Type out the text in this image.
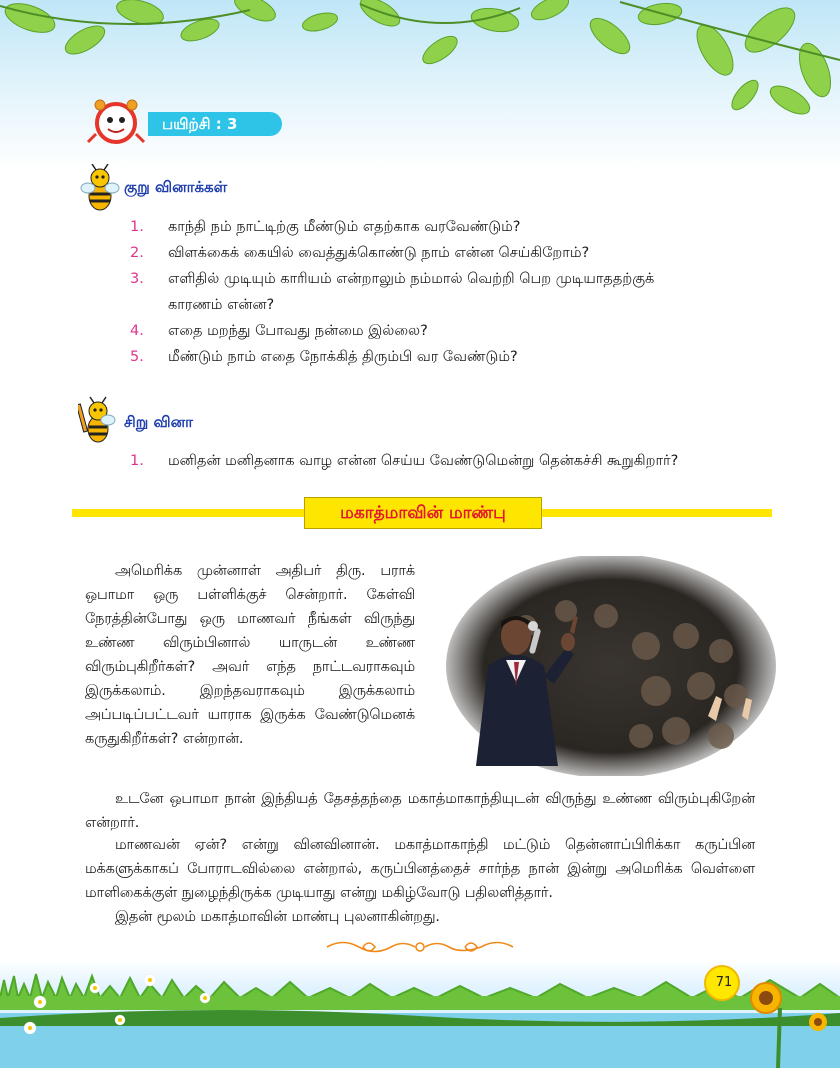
பயிற்சி : 3
குறு வினாக்கள்
1.	காந்தி நம் நாட்டிற்கு மீண்டும் எதற்காக வரவேண்டும்?
2.	விளக்கைக் கையில் வைத்துக்கொண்டு நாம் என்ன செய்கிறோம்?
3.	எளிதில் முடியும் காரியம் என்றாலும் நம்மால் வெற்றி பெற முடியாததற்குக்
காரணம் என்ன?
4.	எதை மறந்து போவது நன்மை இல்லை?
5.	மீண்டும் நாம் எதை நோக்கித் திரும்பி வர வேண்டும்?
சிறு வினா
1.	மனிதன் மனிதனாக வாழ என்ன செய்ய வேண்டுமென்று தென்கச்சி கூறுகிறார்?
மகாத்மாவின் மாண்பு

அமெரிக்க முன்னாள் அதிபர் திரு. பராக் ஒபாமா ஒரு பள்ளிக்குச் சென்றார். கேள்வி நேரத்தின்போது ஒரு மாணவர் நீங்கள் விருந்து உண்ண விரும்பினால் யாருடன் உண்ண விரும்புகிறீர்கள்? அவர் எந்த நாட்டவராகவும் இருக்கலாம். இறந்தவராகவும் இருக்கலாம் அப்படிப்பட்டவர் யாராக இருக்க வேண்டுமெனக் கருதுகிறீர்கள்? என்றான்.

உடனே ஒபாமா நான் இந்தியத் தேசத்தந்தை மகாத்மாகாந்தியுடன் விருந்து உண்ண விரும்புகிறேன் என்றார்.

மாணவன் ஏன்? என்று வினவினான். மகாத்மாகாந்தி மட்டும் தென்னாப்பிரிக்கா கருப்பின மக்களுக்காகப் போராடவில்லை என்றால், கருப்பினத்தைச் சார்ந்த நான் இன்று அமெரிக்க வெள்ளை மாளிகைக்குள் நுழைந்திருக்க முடியாது என்று மகிழ்வோடு பதிலளித்தார்.

இதன் மூலம் மகாத்மாவின் மாண்பு புலனாகின்றது.

71
